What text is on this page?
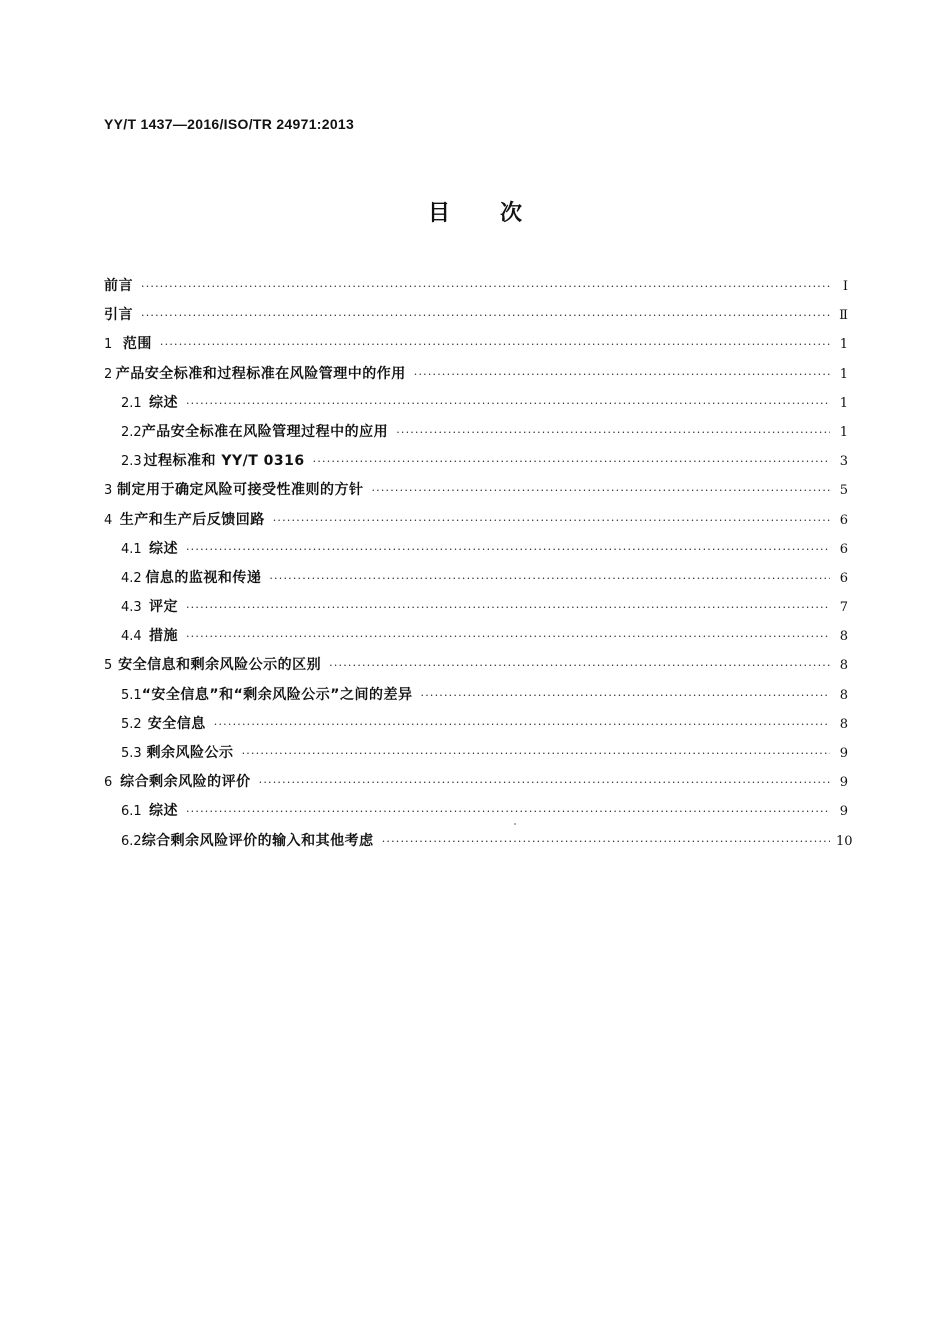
YY/T 1437—2016/ISO/TR 24971:2013
目 次
前言 ·····	Ⅰ
引言 ·····	Ⅱ
1 范围 ·····	1
2 产品安全标准和过程标准在风险管理中的作用 ·····	1
2.1 综述 ·····	1
2.2 产品安全标准在风险管理过程中的应用 ·····	1
2.3 过程标准和 YY/T 0316 ·····	3
3 制定用于确定风险可接受性准则的方针 ·····	5
4 生产和生产后反馈回路 ·····	6
4.1 综述 ·····	6
4.2 信息的监视和传递 ·····	6
4.3 评定 ·····	7
4.4 措施 ·····	8
5 安全信息和剩余风险公示的区别 ·····	8
5.1 “安全信息”和“剩余风险公示”之间的差异 ·····	8
5.2 安全信息 ·····	8
5.3 剩余风险公示 ·····	9
6 综合剩余风险的评价 ·····	9
6.1 综述 ·····	9
6.2 综合剩余风险评价的输入和其他考虑 ·····	10
